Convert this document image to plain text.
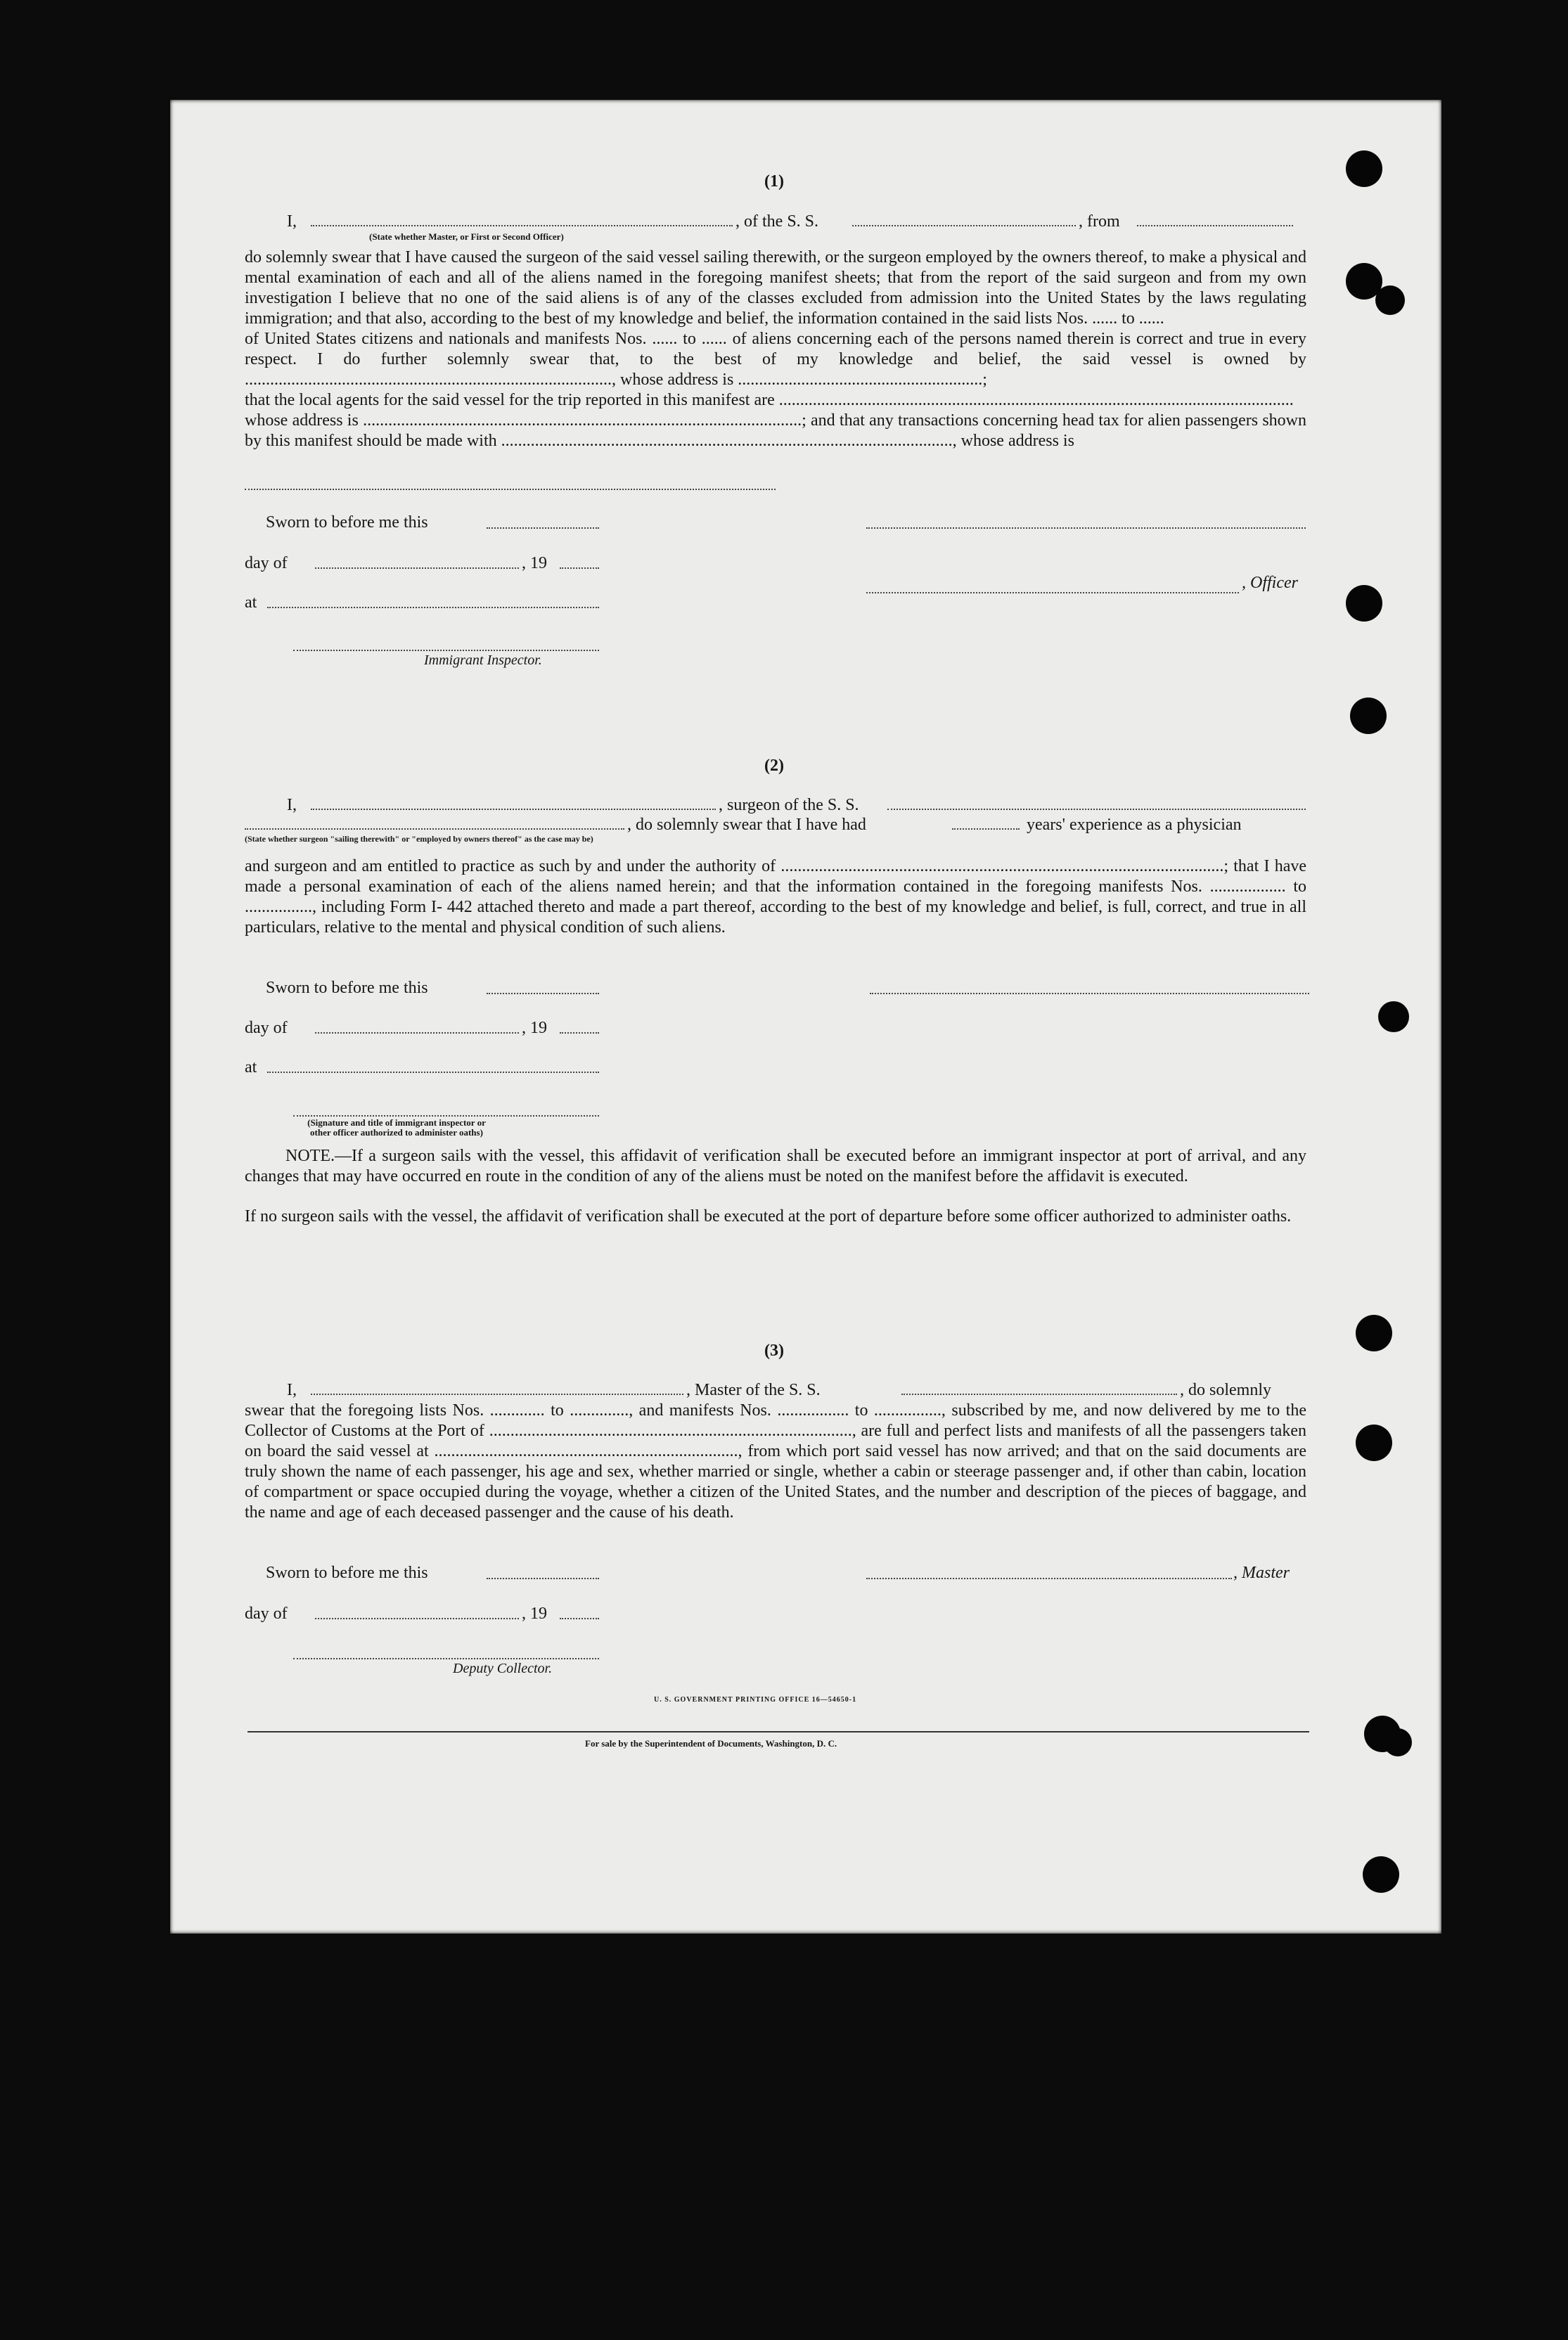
(1)
I,	, of the S. S.	, from
(State whether Master, or First or Second Officer)

do solemnly swear that I have caused the surgeon of the said vessel sailing therewith, or the surgeon employed by the owners thereof, to make a physical and mental examination of each and all of the aliens named in the foregoing manifest sheets; that from the report of the said surgeon and from my own investigation I believe that no one of the said aliens is of any of the classes excluded from admission into the United States by the laws regulating immigration; and that also, according to the best of my knowledge and belief, the information contained in the said lists Nos. ...... to ......

of United States citizens and nationals and manifests Nos. ...... to ...... of aliens concerning each of the persons named therein is correct and true in every respect. I do further solemnly swear that, to the best of my knowledge and belief, the said vessel is owned by ......................................................................................., whose address is ..........................................................;

that the local agents for the said vessel for the trip reported in this manifest are ..........................................................................................................................

whose address is ........................................................................................................; and that any transactions concerning head tax for alien passengers shown by this manifest should be made with ..........................................................................................................., whose address is

Sworn to before me this
day of	, 19
, Officer
at
Immigrant Inspector.
(2)
I,	, surgeon of the S. S.
, do solemnly swear that I have had	years' experience as a physician
(State whether surgeon "sailing therewith" or "employed by owners thereof" as the case may be)
and surgeon and am entitled to practice as such by and under the authority of .........................................................................................................; that I have made a personal examination of each of the aliens named herein; and that the information contained in the foregoing manifests Nos. .................. to ................, including Form I- 442 attached thereto and made a part thereof, according to the best of my knowledge and belief, is full, correct, and true in all particulars, relative to the mental and physical condition of such aliens.
Sworn to before me this
day of	, 19
at
(Signature and title of immigrant inspector or other officer authorized to administer oaths)
NOTE.—If a surgeon sails with the vessel, this affidavit of verification shall be executed before an immigrant inspector at port of arrival, and any changes that may have occurred en route in the condition of any of the aliens must be noted on the manifest before the affidavit is executed.
If no surgeon sails with the vessel, the affidavit of verification shall be executed at the port of departure before some officer authorized to administer oaths.
(3)
I,	, Master of the S. S.	, do solemnly
swear that the foregoing lists Nos. ............. to .............., and manifests Nos. ................. to ................, subscribed by me, and now delivered by me to the Collector of Customs at the Port of ......................................................................................, are full and perfect lists and manifests of all the passengers taken on board the said vessel at ........................................................................, from which port said vessel has now arrived; and that on the said documents are truly shown the name of each passenger, his age and sex, whether married or single, whether a cabin or steerage passenger and, if other than cabin, location of compartment or space occupied during the voyage, whether a citizen of the United States, and the number and description of the pieces of baggage, and the name and age of each deceased passenger and the cause of his death.
Sworn to before me this	, Master
day of	, 19
Deputy Collector.
U. S. GOVERNMENT PRINTING OFFICE 16—54650-1
For sale by the Superintendent of Documents, Washington, D. C.
